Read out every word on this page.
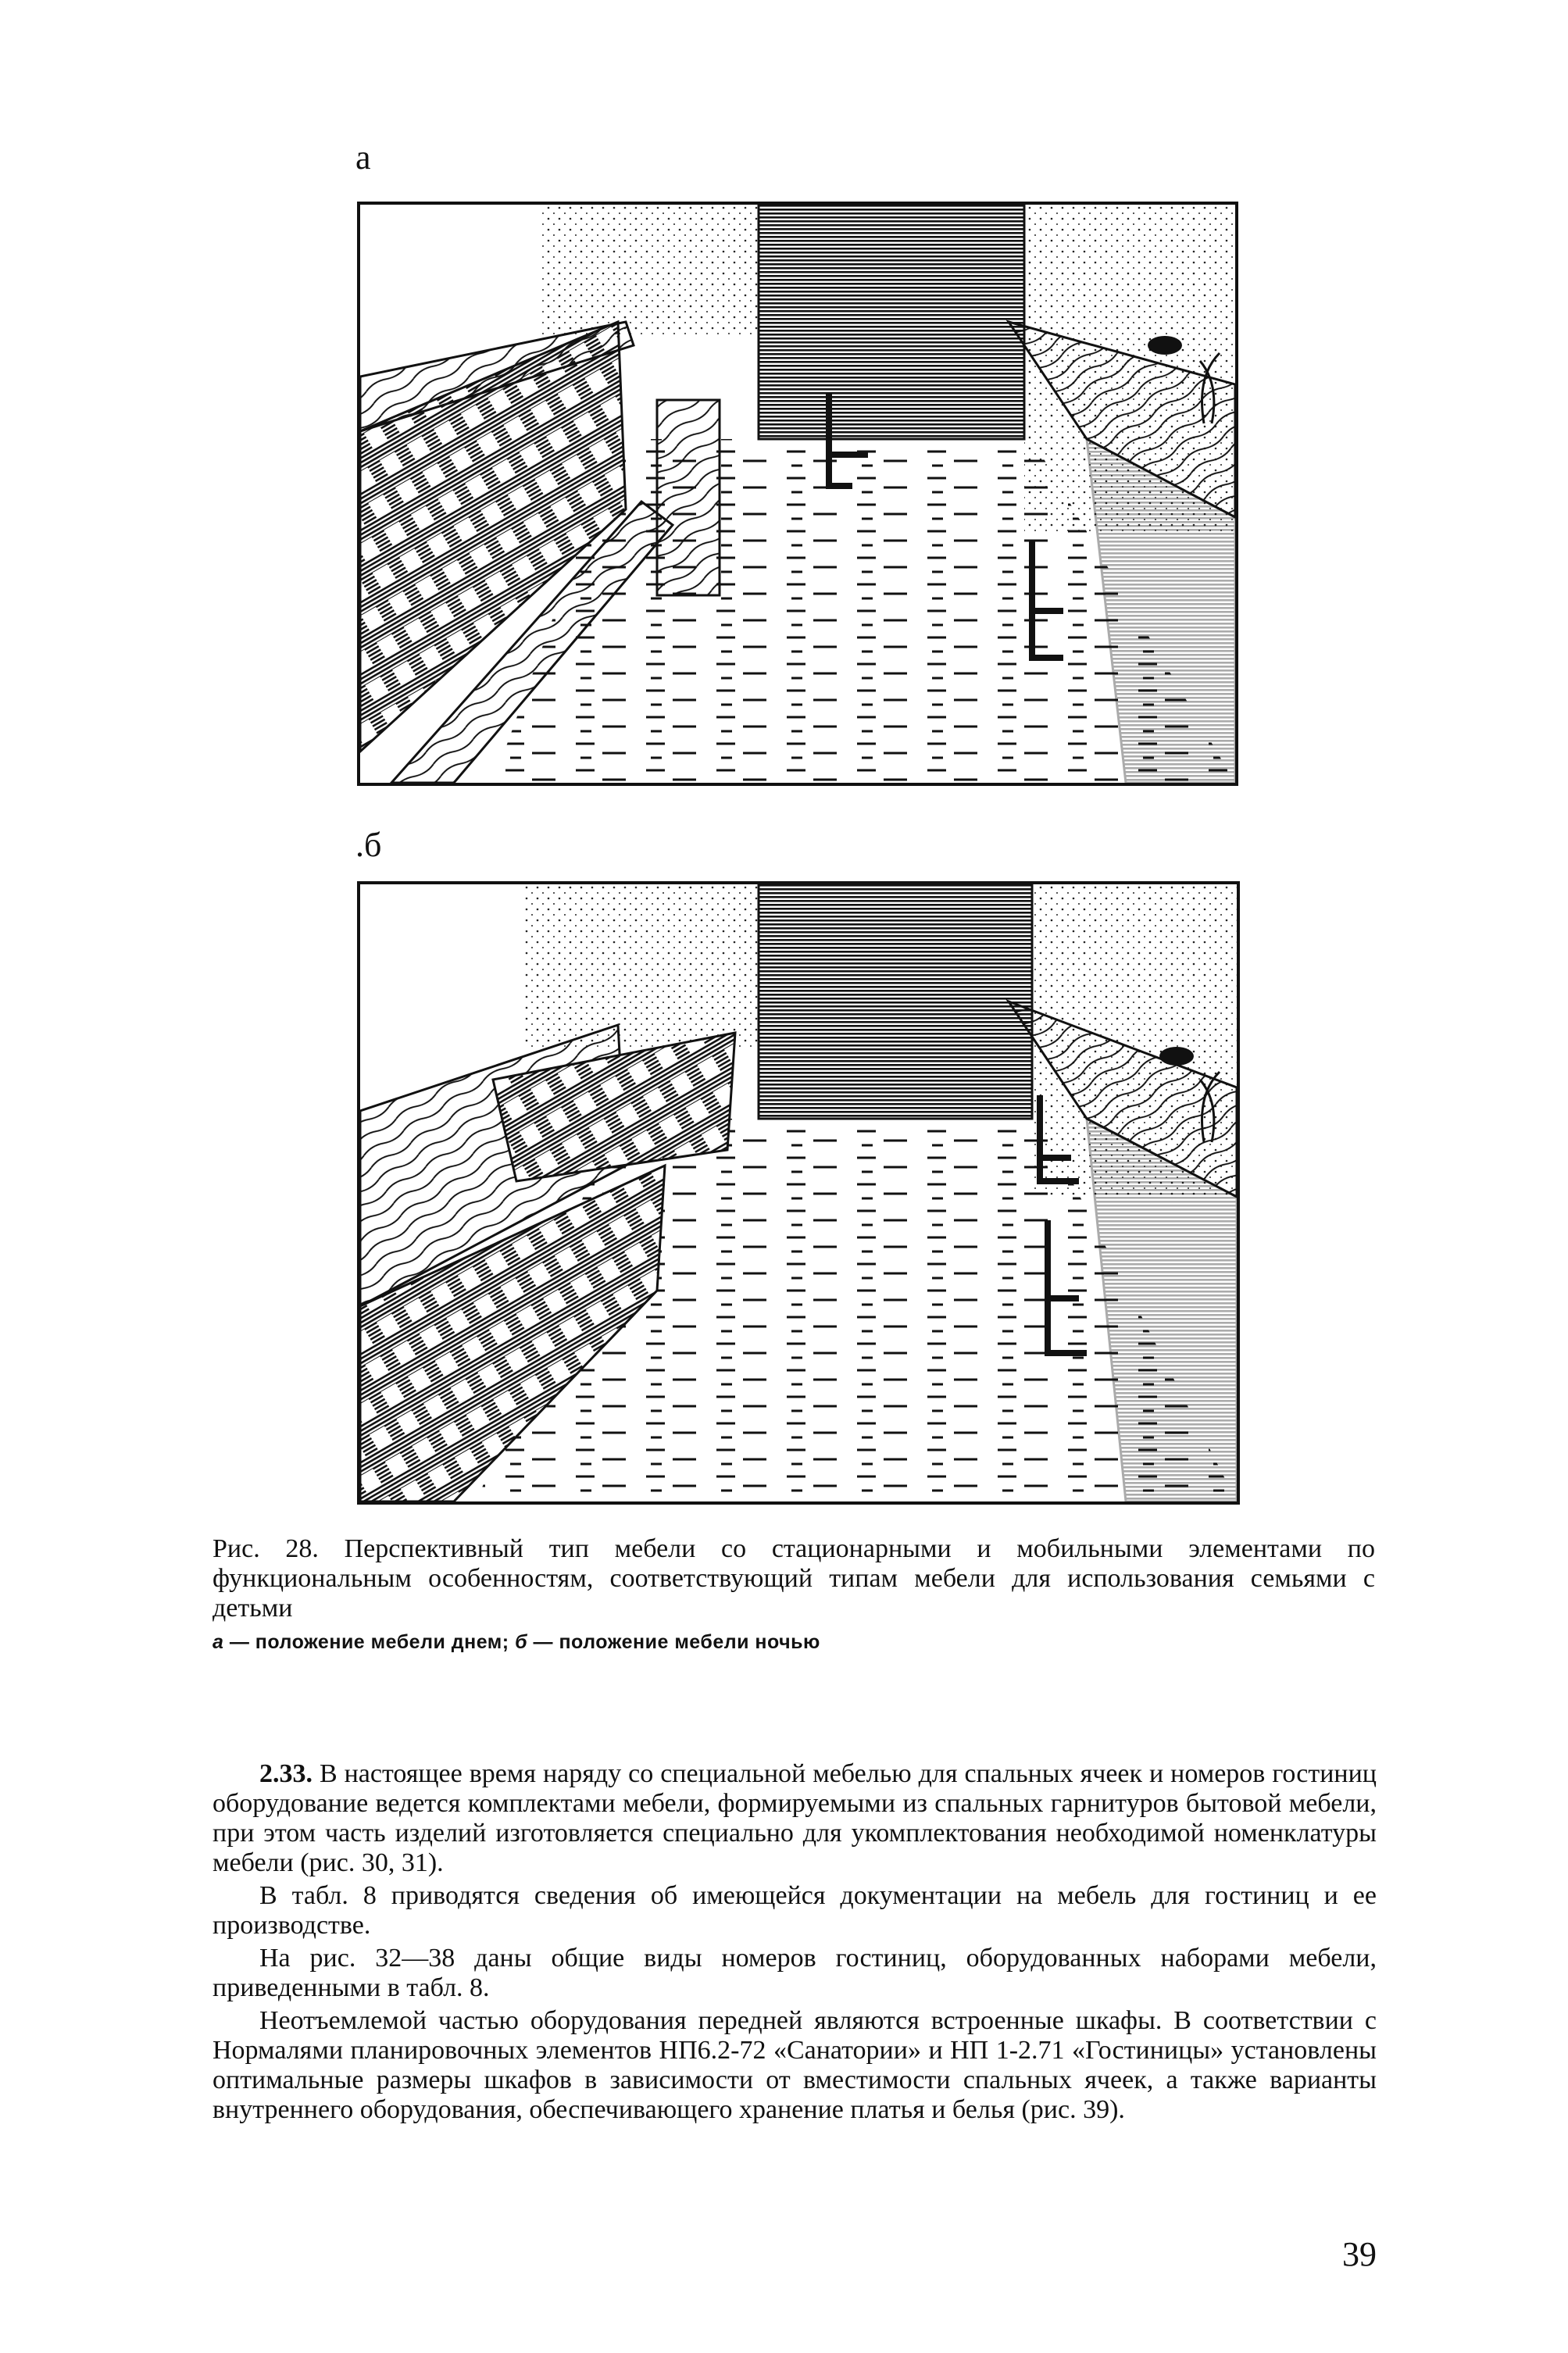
а
.б
Рис. 28. Перспективный тип мебели со стационарными и мобильными элементами по функциональным особенностям, соответствующий типам мебели для использования семьями с детьми
а — положение мебели днем; б — положение мебели ночью

2.33. В настоящее время наряду со специальной мебелью для спальных ячеек и номеров гостиниц оборудование ведется комплектами мебели, формируемыми из спальных гарнитуров бытовой мебели, при этом часть изделий изготовляется специально для укомплектования необходимой номенклатуры мебели (рис. 30, 31).

В табл. 8 приводятся сведения об имеющейся документации на мебель для гостиниц и ее производстве.

На рис. 32—38 даны общие виды номеров гостиниц, оборудованных наборами мебели, приведенными в табл. 8.

Неотъемлемой частью оборудования передней являются встроенные шкафы. В соответствии с Нормалями планировочных элементов НП6.2-72 «Санатории» и НП 1-2.71 «Гостиницы» установлены оптимальные размеры шкафов в зависимости от вместимости спальных ячеек, а также варианты внутреннего оборудования, обеспечивающего хранение платья и белья (рис. 39).

39
